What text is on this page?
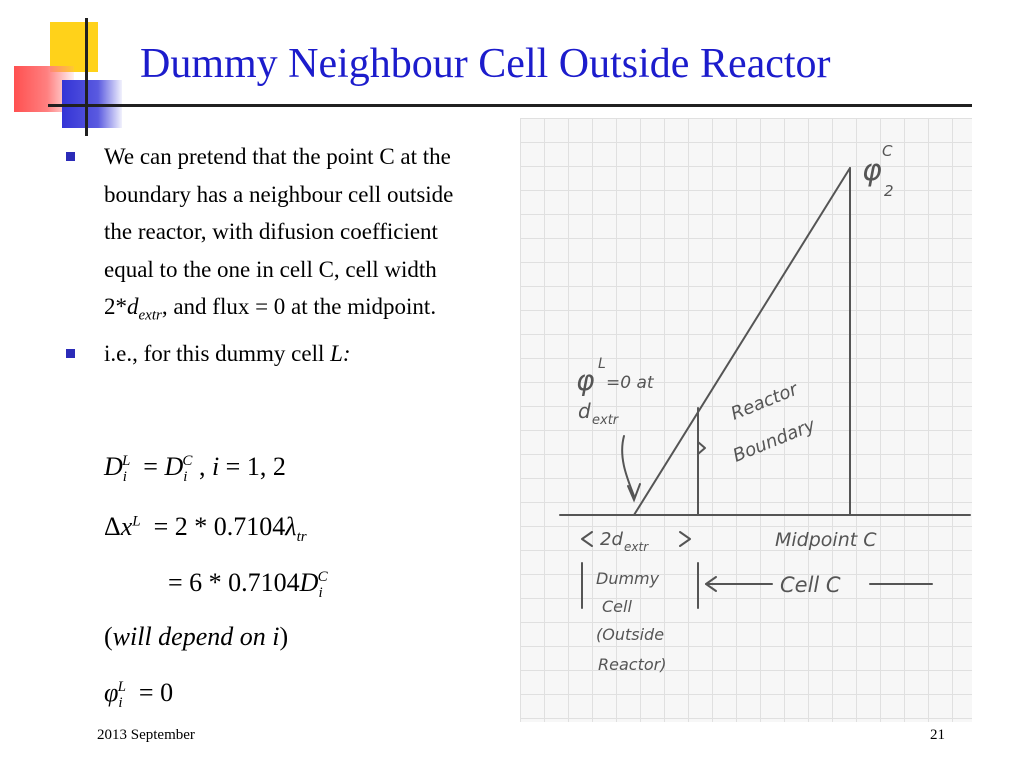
Dummy Neighbour Cell Outside Reactor
We can pretend that the point C at the boundary has a neighbour cell outside the reactor, with difusion coefficient equal to the one in cell C, cell width $2*d_{extr}$, and flux = 0 at the midpoint.
i.e., for this dummy cell L:
$D_i^L = D_i^C$ , i = 1, 2
$\Delta x^L = 2 * 0.7104\lambda_{tr}$
= $6 * 0.7104D_i^C$
(will depend on i)
$\varphi_i^L = 0$
φ
C
2
φ L
=0 at
d extr	Reactor
Boundary
2d extr	Midpoint C
Cell C
Dummy
Cell
(Outside
Reactor)
2013 September	21
